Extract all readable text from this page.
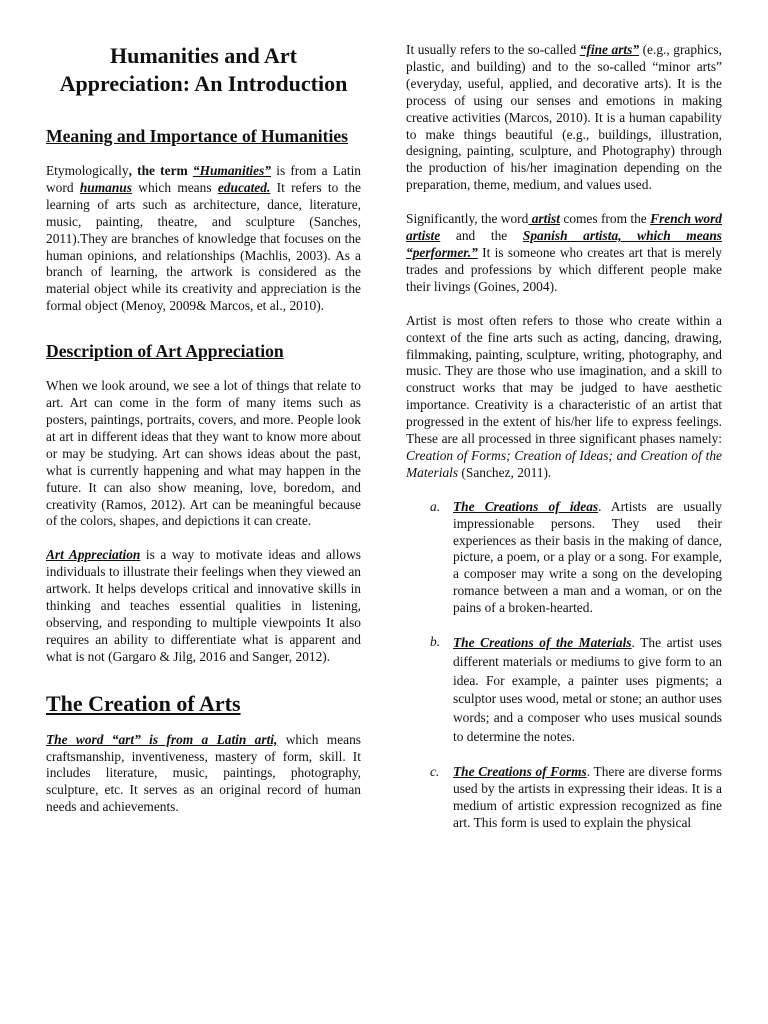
Humanities and Art Appreciation: An Introduction
Meaning and Importance of Humanities

Etymologically, the term “Humanities” is from a Latin word humanus which means educated. It refers to the learning of arts such as architecture, dance, literature, music, painting, theatre, and sculpture (Sanches, 2011).They are branches of knowledge that focuses on the human opinions, and relationships (Machlis, 2003). As a branch of learning, the artwork is considered as the material object while its creativity and appreciation is the formal object (Menoy, 2009& Marcos, et al., 2010).

Description of Art Appreciation

When we look around, we see a lot of things that relate to art. Art can come in the form of many items such as posters, paintings, portraits, covers, and more. People look at art in different ideas that they want to know more about or may be studying. Art can shows ideas about the past, what is currently happening and what may happen in the future. It can also show meaning, love, boredom, and creativity (Ramos, 2012). Art can be meaningful because of the colors, shapes, and depictions it can create.

Art Appreciation is a way to motivate ideas and allows individuals to illustrate their feelings when they viewed an artwork. It helps develops critical and innovative skills in thinking and teaches essential qualities in listening, observing, and responding to multiple viewpoints It also requires an ability to differentiate what is apparent and what is not (Gargaro & Jilg, 2016 and Sanger, 2012).

The Creation of Arts

The word “art” is from a Latin arti, which means craftsmanship, inventiveness, mastery of form, skill. It includes literature, music, paintings, photography, sculpture, etc. It serves as an original record of human needs and achievements.

It usually refers to the so-called “fine arts” (e.g., graphics, plastic, and building) and to the so-called “minor arts” (everyday, useful, applied, and decorative arts). It is the process of using our senses and emotions in making creative activities (Marcos, 2010). It is a human capability to make things beautiful (e.g., buildings, illustration, designing, painting, sculpture, and Photography) through the production of his/her imagination depending on the preparation, theme, medium, and values used.

Significantly, the word artist comes from the French word artiste and the Spanish artista, which means “performer.” It is someone who creates art that is merely trades and professions by which different people make their livings (Goines, 2004).

Artist is most often refers to those who create within a context of the fine arts such as acting, dancing, drawing, filmmaking, painting, sculpture, writing, photography, and music. They are those who use imagination, and a skill to construct works that may be judged to have aesthetic importance. Creativity is a characteristic of an artist that progressed in the extent of his/her life to express feelings. These are all processed in three significant phases namely: Creation of Forms; Creation of Ideas; and Creation of the Materials (Sanchez, 2011).

a. The Creations of ideas. Artists are usually impressionable persons. They used their experiences as their basis in the making of dance, picture, a poem, or a play or a song. For example, a composer may write a song on the developing romance between a man and a woman, or on the pains of a broken-hearted.

b. The Creations of the Materials. The artist uses different materials or mediums to give form to an idea. For example, a painter uses pigments; a sculptor uses wood, metal or stone; an author uses words; and a composer who uses musical sounds to determine the notes.

c. The Creations of Forms. There are diverse forms used by the artists in expressing their ideas. It is a medium of artistic expression recognized as fine art. This form is used to explain the physical
